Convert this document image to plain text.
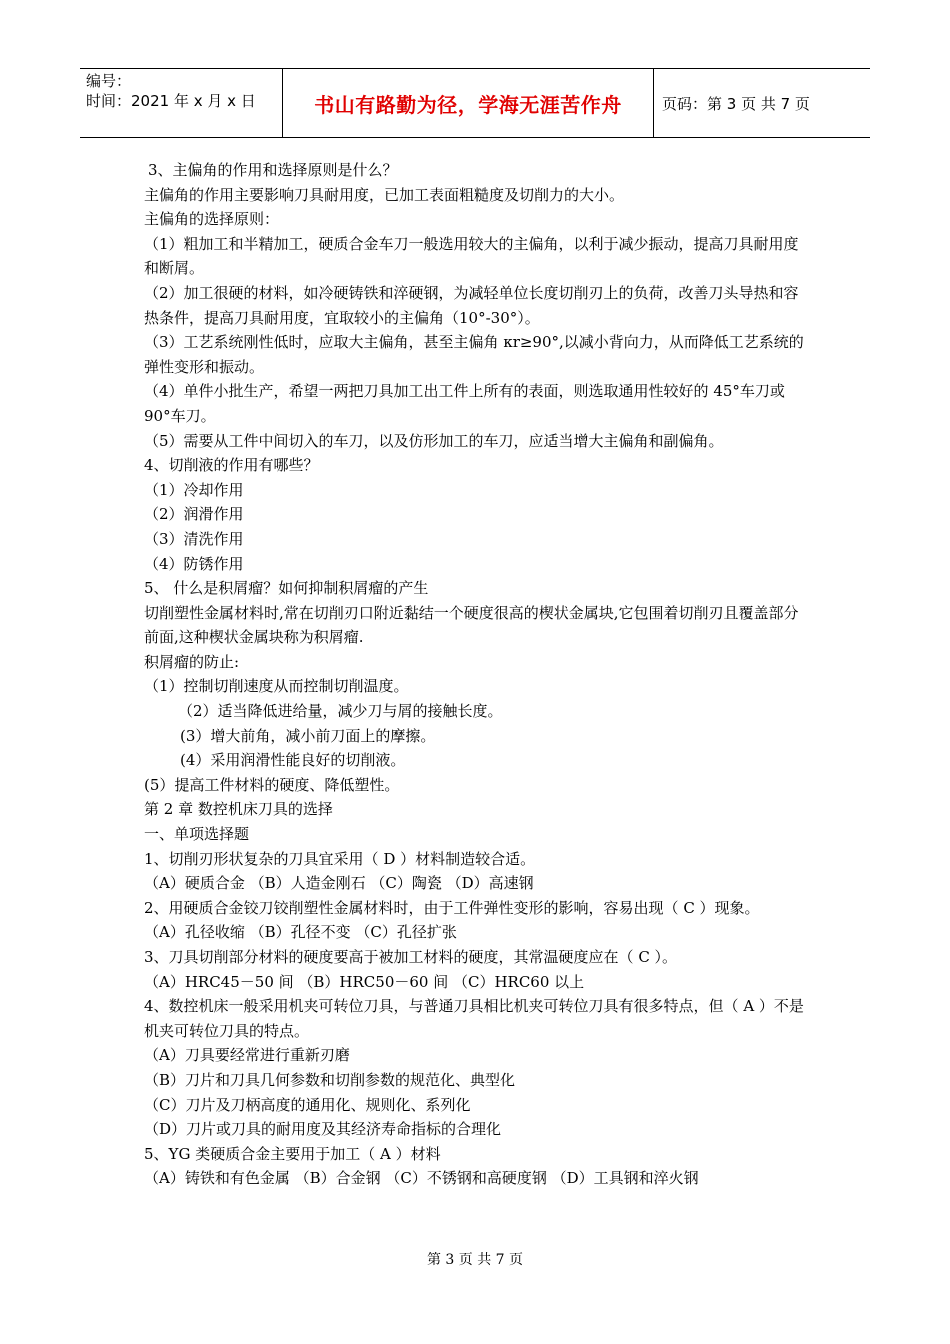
编号：
时间：2021 年 x 月 x 日	书山有路勤为径，学海无涯苦作舟	页码：第 3 页 共 7 页
3、主偏角的作用和选择原则是什么？
主偏角的作用主要影响刀具耐用度，已加工表面粗糙度及切削力的大小。
主偏角的选择原则：
（1）粗加工和半精加工，硬质合金车刀一般选用较大的主偏角，以利于减少振动，提高刀具耐用度和断屑。
（2）加工很硬的材料，如冷硬铸铁和淬硬钢，为减轻单位长度切削刃上的负荷，改善刀头导热和容热条件，提高刀具耐用度，宜取较小的主偏角（10°-30°）。
（3）工艺系统刚性低时，应取大主偏角，甚至主偏角 κr≥90°,以减小背向力，从而降低工艺系统的弹性变形和振动。
（4）单件小批生产，希望一两把刀具加工出工件上所有的表面，则选取通用性较好的 45°车刀或 90°车刀。
（5）需要从工件中间切入的车刀，以及仿形加工的车刀，应适当增大主偏角和副偏角。
4、切削液的作用有哪些？
（1）冷却作用
（2）润滑作用
（3）清洗作用
（4）防锈作用
5、 什么是积屑瘤？如何抑制积屑瘤的产生
切削塑性金属材料时,常在切削刃口附近黏结一个硬度很高的楔状金属块,它包围着切削刃且覆盖部分前面,这种楔状金属块称为积屑瘤.
积屑瘤的防止:
（1）控制切削速度从而控制切削温度。
（2）适当降低进给量，减少刀与屑的接触长度。
(3）增大前角，减小前刀面上的摩擦。
(4）采用润滑性能良好的切削液。
(5）提高工件材料的硬度、降低塑性。
第 2 章 数控机床刀具的选择
一、单项选择题
1、切削刃形状复杂的刀具宜采用（ D ）材料制造较合适。
（A）硬质合金 （B）人造金刚石 （C）陶瓷 （D）高速钢
2、用硬质合金铰刀铰削塑性金属材料时，由于工件弹性变形的影响，容易出现（ C ）现象。
（A）孔径收缩 （B）孔径不变 （C）孔径扩张
3、刀具切削部分材料的硬度要高于被加工材料的硬度，其常温硬度应在（ C ）。
（A）HRC45－50 间 （B）HRC50－60 间 （C）HRC60 以上
4、数控机床一般采用机夹可转位刀具，与普通刀具相比机夹可转位刀具有很多特点，但（ A ）不是机夹可转位刀具的特点。
（A）刀具要经常进行重新刃磨
（B）刀片和刀具几何参数和切削参数的规范化、典型化
（C）刀片及刀柄高度的通用化、规则化、系列化
（D）刀片或刀具的耐用度及其经济寿命指标的合理化
5、YG 类硬质合金主要用于加工（ A ）材料
（A）铸铁和有色金属 （B）合金钢 （C）不锈钢和高硬度钢 （D）工具钢和淬火钢
第 3 页 共 7 页
